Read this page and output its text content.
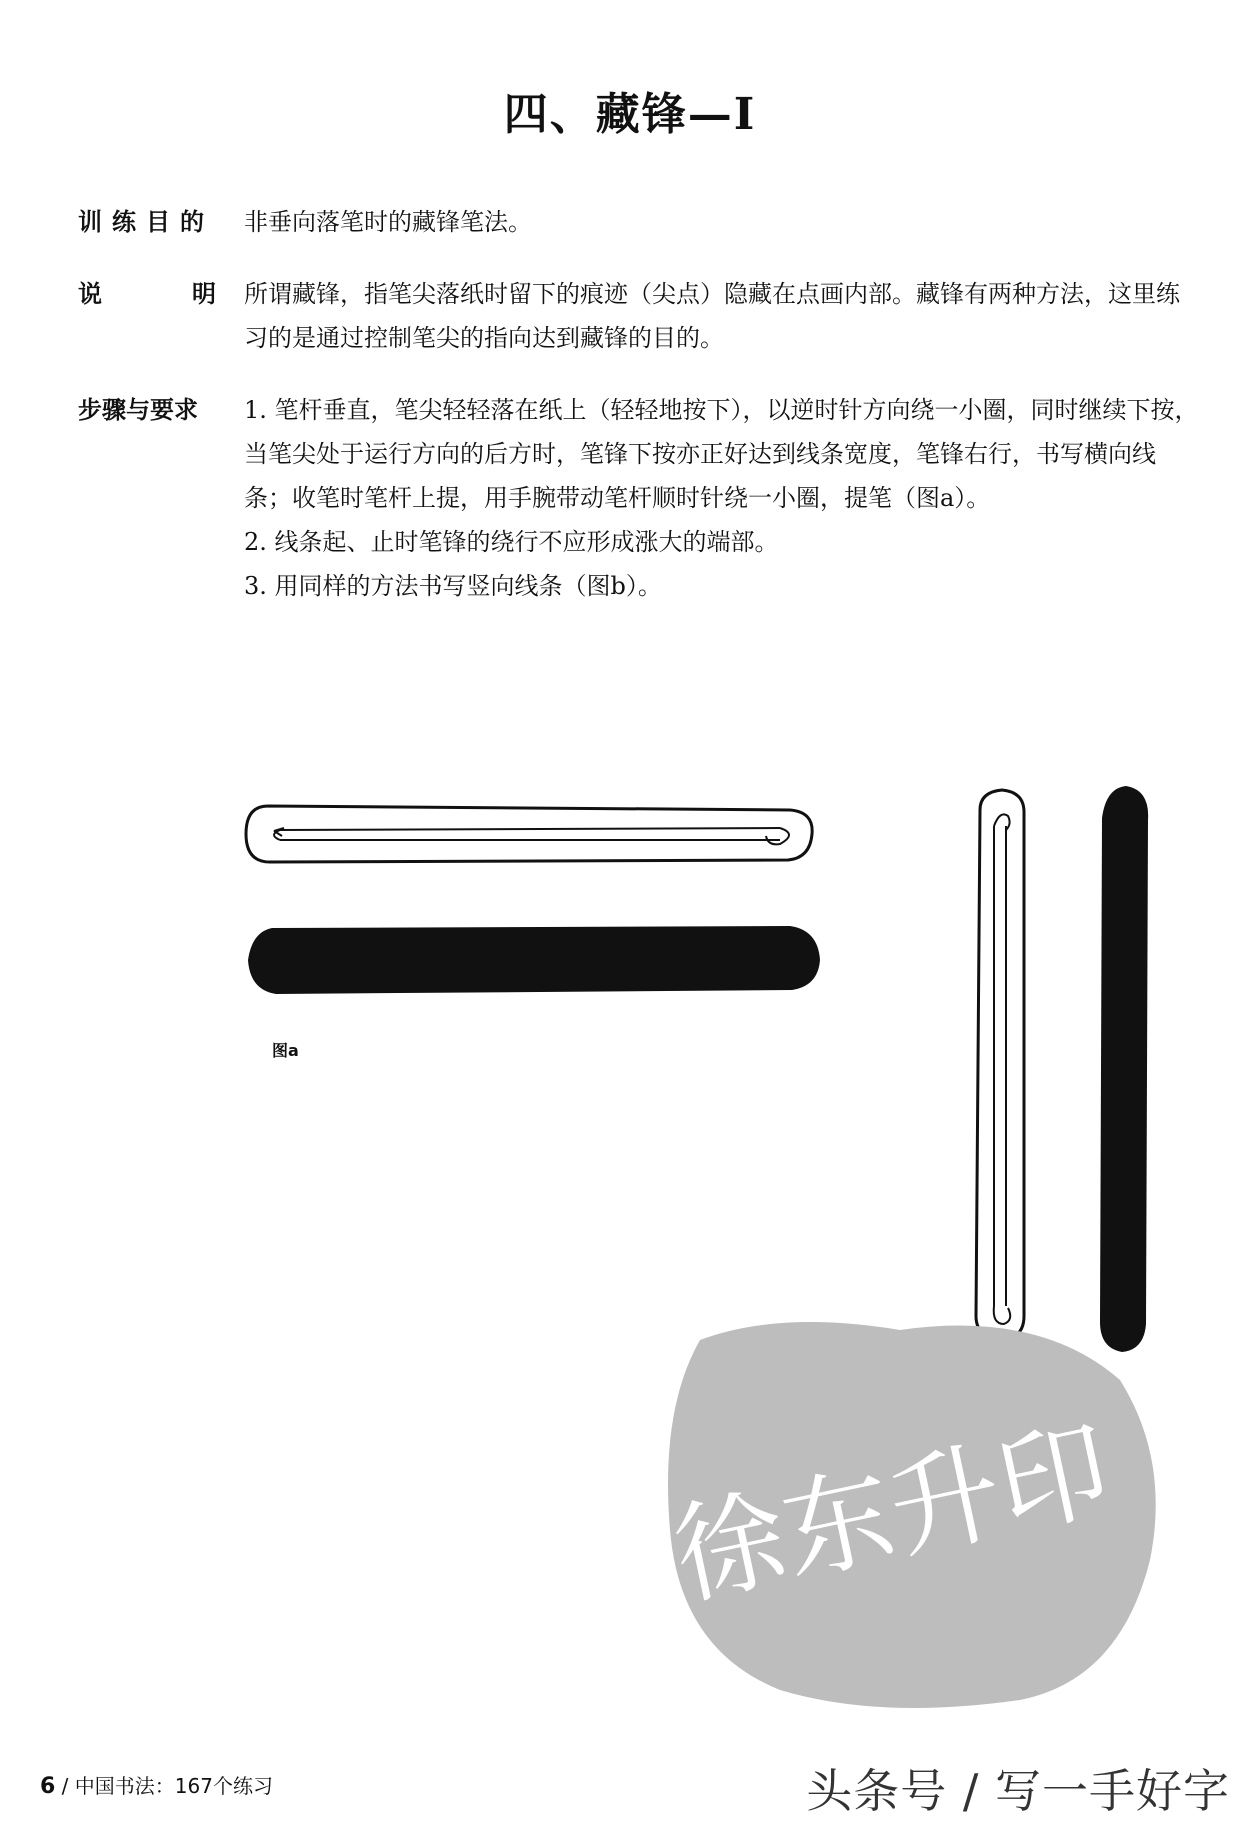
四、藏锋—Ⅰ
训练目的 非垂向落笔时的藏锋笔法。
说	明 所谓藏锋，指笔尖落纸时留下的痕迹（尖点）隐藏在点画内部。藏锋有两种方法，这里练习的是通过控制笔尖的指向达到藏锋的目的。
步骤与要求	1. 笔杆垂直，笔尖轻轻落在纸上（轻轻地按下），以逆时针方向绕一小圈，同时继续下按，当笔尖处于运行方向的后方时，笔锋下按亦正好达到线条宽度，笔锋右行，书写横向线条；收笔时笔杆上提，用手腕带动笔杆顺时针绕一小圈，提笔（图a）。

2. 线条起、止时笔锋的绕行不应形成涨大的端部。

3. 用同样的方法书写竖向线条（图b）。

图a
徐东升印
6 / 中国书法：167个练习	头条号 / 写一手好字
